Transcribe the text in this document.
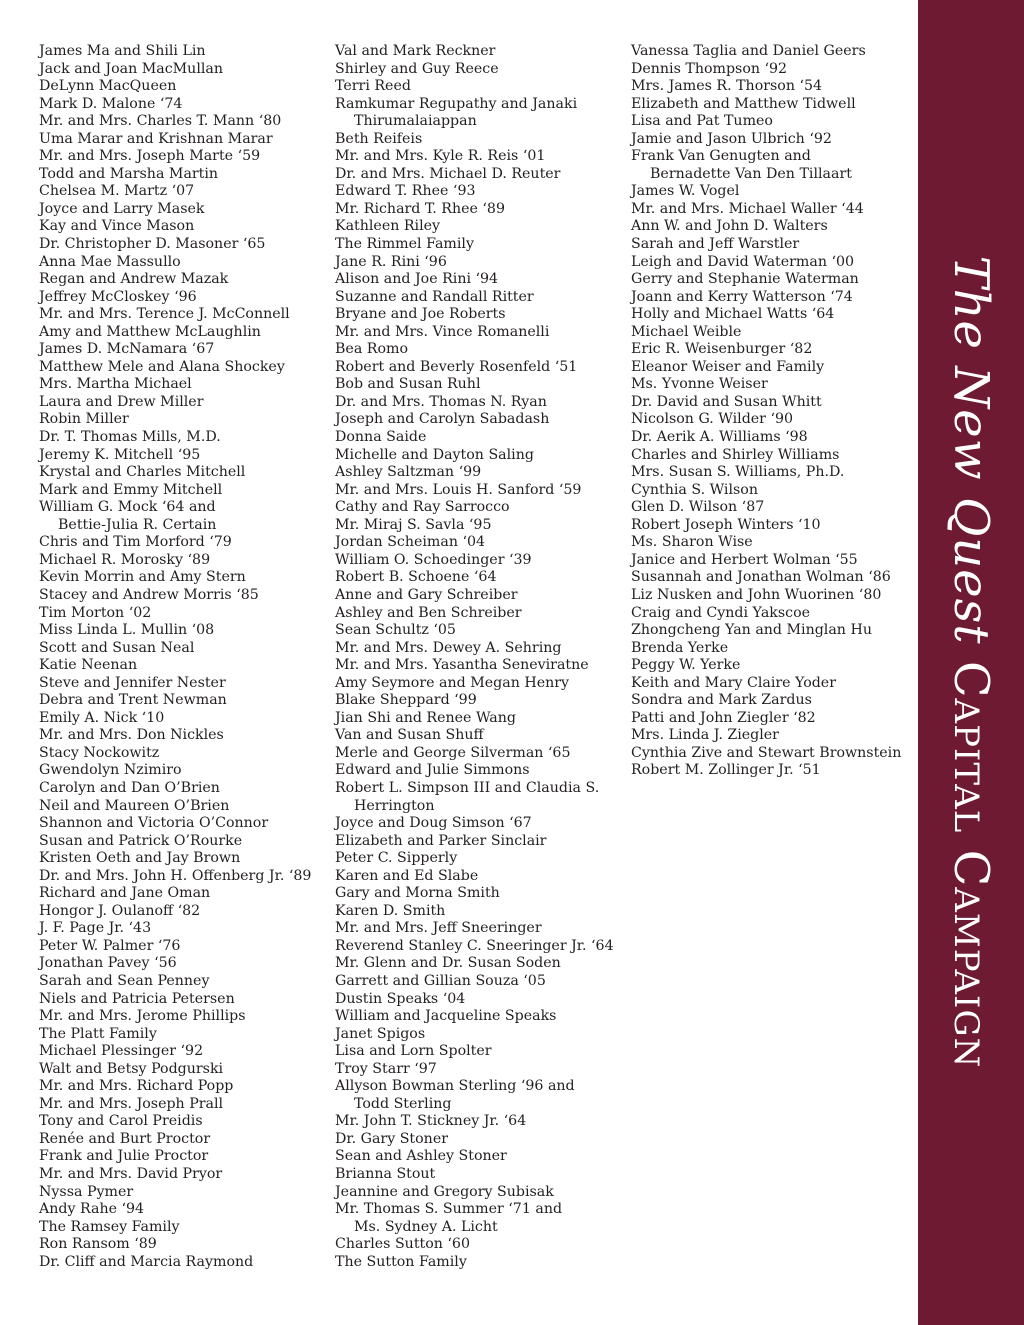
James Ma and Shili Lin
Jack and Joan MacMullan
DeLynn MacQueen
Mark D. Malone ‘74
Mr. and Mrs. Charles T. Mann ‘80
Uma Marar and Krishnan Marar
Mr. and Mrs. Joseph Marte ‘59
Todd and Marsha Martin
Chelsea M. Martz ‘07
Joyce and Larry Masek
Kay and Vince Mason
Dr. Christopher D. Masoner ‘65
Anna Mae Massullo
Regan and Andrew Mazak
Jeffrey McCloskey ‘96
Mr. and Mrs. Terence J. McConnell
Amy and Matthew McLaughlin
James D. McNamara ‘67
Matthew Mele and Alana Shockey
Mrs. Martha Michael
Laura and Drew Miller
Robin Miller
Dr. T. Thomas Mills, M.D.
Jeremy K. Mitchell ‘95
Krystal and Charles Mitchell
Mark and Emmy Mitchell
William G. Mock ‘64 and
Bettie-Julia R. Certain
Chris and Tim Morford ‘79
Michael R. Morosky ‘89
Kevin Morrin and Amy Stern
Stacey and Andrew Morris ‘85
Tim Morton ‘02
Miss Linda L. Mullin ‘08
Scott and Susan Neal
Katie Neenan
Steve and Jennifer Nester
Debra and Trent Newman
Emily A. Nick ‘10
Mr. and Mrs. Don Nickles
Stacy Nockowitz
Gwendolyn Nzimiro
Carolyn and Dan O’Brien
Neil and Maureen O’Brien
Shannon and Victoria O’Connor
Susan and Patrick O’Rourke
Kristen Oeth and Jay Brown
Dr. and Mrs. John H. Offenberg Jr. ‘89
Richard and Jane Oman
Hongor J. Oulanoff ‘82
J. F. Page Jr. ‘43
Peter W. Palmer ‘76
Jonathan Pavey ‘56
Sarah and Sean Penney
Niels and Patricia Petersen
Mr. and Mrs. Jerome Phillips
The Platt Family
Michael Plessinger ‘92
Walt and Betsy Podgurski
Mr. and Mrs. Richard Popp
Mr. and Mrs. Joseph Prall
Tony and Carol Preidis
Renée and Burt Proctor
Frank and Julie Proctor
Mr. and Mrs. David Pryor
Nyssa Pymer
Andy Rahe ‘94
The Ramsey Family
Ron Ransom ‘89
Dr. Cliff and Marcia Raymond
Val and Mark Reckner
Shirley and Guy Reece
Terri Reed
Ramkumar Regupathy and Janaki
Thirumalaiappan
Beth Reifeis
Mr. and Mrs. Kyle R. Reis ‘01
Dr. and Mrs. Michael D. Reuter
Edward T. Rhee ‘93
Mr. Richard T. Rhee ‘89
Kathleen Riley
The Rimmel Family
Jane R. Rini ‘96
Alison and Joe Rini ‘94
Suzanne and Randall Ritter
Bryane and Joe Roberts
Mr. and Mrs. Vince Romanelli
Bea Romo
Robert and Beverly Rosenfeld ‘51
Bob and Susan Ruhl
Dr. and Mrs. Thomas N. Ryan
Joseph and Carolyn Sabadash
Donna Saide
Michelle and Dayton Saling
Ashley Saltzman ‘99
Mr. and Mrs. Louis H. Sanford ‘59
Cathy and Ray Sarrocco
Mr. Miraj S. Savla ‘95
Jordan Scheiman ‘04
William O. Schoedinger ‘39
Robert B. Schoene ‘64
Anne and Gary Schreiber
Ashley and Ben Schreiber
Sean Schultz ‘05
Mr. and Mrs. Dewey A. Sehring
Mr. and Mrs. Yasantha Seneviratne
Amy Seymore and Megan Henry
Blake Sheppard ‘99
Jian Shi and Renee Wang
Van and Susan Shuff
Merle and George Silverman ‘65
Edward and Julie Simmons
Robert L. Simpson III and Claudia S.
Herrington
Joyce and Doug Simson ‘67
Elizabeth and Parker Sinclair
Peter C. Sipperly
Karen and Ed Slabe
Gary and Morna Smith
Karen D. Smith
Mr. and Mrs. Jeff Sneeringer
Reverend Stanley C. Sneeringer Jr. ‘64
Mr. Glenn and Dr. Susan Soden
Garrett and Gillian Souza ‘05
Dustin Speaks ‘04
William and Jacqueline Speaks
Janet Spigos
Lisa and Lorn Spolter
Troy Starr ‘97
Allyson Bowman Sterling ‘96 and
Todd Sterling
Mr. John T. Stickney Jr. ‘64
Dr. Gary Stoner
Sean and Ashley Stoner
Brianna Stout
Jeannine and Gregory Subisak
Mr. Thomas S. Summer ‘71 and
Ms. Sydney A. Licht
Charles Sutton ‘60
The Sutton Family
Vanessa Taglia and Daniel Geers
Dennis Thompson ‘92
Mrs. James R. Thorson ‘54
Elizabeth and Matthew Tidwell
Lisa and Pat Tumeo
Jamie and Jason Ulbrich ‘92
Frank Van Genugten and
Bernadette Van Den Tillaart
James W. Vogel
Mr. and Mrs. Michael Waller ‘44
Ann W. and John D. Walters
Sarah and Jeff Warstler
Leigh and David Waterman ‘00
Gerry and Stephanie Waterman
Joann and Kerry Watterson ‘74
Holly and Michael Watts ‘64
Michael Weible
Eric R. Weisenburger ‘82
Eleanor Weiser and Family
Ms. Yvonne Weiser
Dr. David and Susan Whitt
Nicolson G. Wilder ‘90
Dr. Aerik A. Williams ‘98
Charles and Shirley Williams
Mrs. Susan S. Williams, Ph.D.
Cynthia S. Wilson
Glen D. Wilson ‘87
Robert Joseph Winters ‘10
Ms. Sharon Wise
Janice and Herbert Wolman ‘55
Susannah and Jonathan Wolman ‘86
Liz Nusken and John Wuorinen ‘80
Craig and Cyndi Yakscoe
Zhongcheng Yan and Minglan Hu
Brenda Yerke
Peggy W. Yerke
Keith and Mary Claire Yoder
Sondra and Mark Zardus
Patti and John Ziegler ‘82
Mrs. Linda J. Ziegler
Cynthia Zive and Stewart Brownstein
Robert M. Zollinger Jr. ‘51
The New Quest Capital Campaign
